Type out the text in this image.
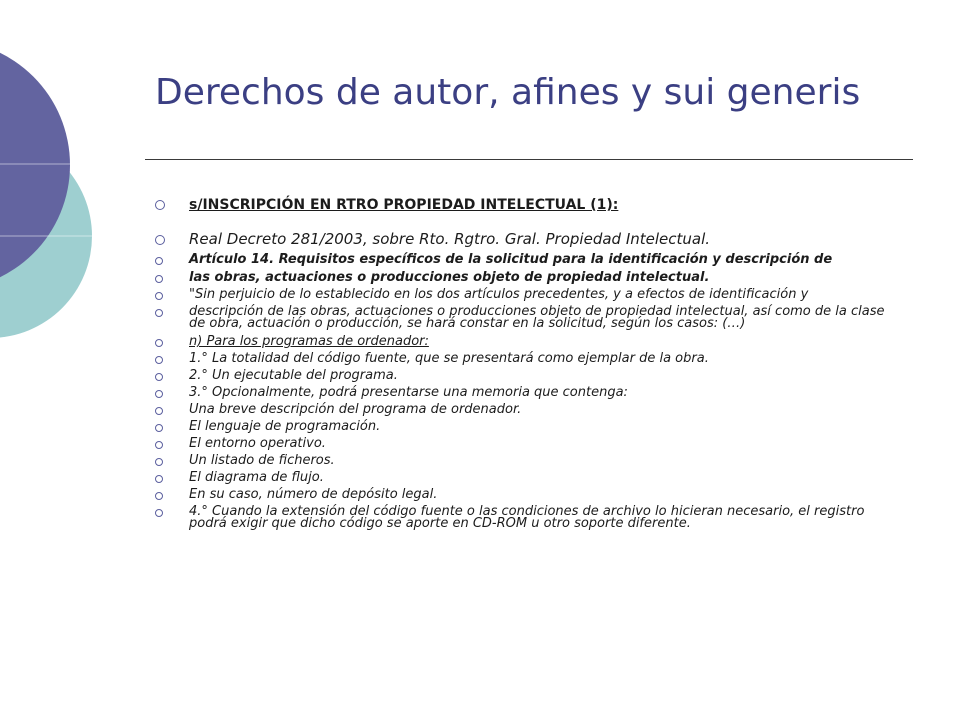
Derechos de autor, afines y sui generis
s/INSCRIPCIÓN EN RTRO PROPIEDAD INTELECTUAL (1):
Real Decreto 281/2003, sobre Rto. Rgtro. Gral. Propiedad Intelectual.
Artículo 14. Requisitos específicos de la solicitud para la identificación y descripción de
las obras, actuaciones o producciones objeto de propiedad intelectual.
"Sin perjuicio de lo establecido en los dos artículos precedentes, y a efectos de identificación y
descripción de las obras, actuaciones o producciones objeto de propiedad intelectual, así como de la clase de obra, actuación o producción, se hará constar en la solicitud, según los casos: (…)
n) Para los programas de ordenador:
1.° La totalidad del código fuente, que se presentará como ejemplar de la obra.
2.° Un ejecutable del programa.
3.° Opcionalmente, podrá presentarse una memoria que contenga:
Una breve descripción del programa de ordenador.
El lenguaje de programación.
El entorno operativo.
Un listado de ficheros.
El diagrama de flujo.
En su caso, número de depósito legal.
4.° Cuando la extensión del código fuente o las condiciones de archivo lo hicieran necesario, el registro podrá exigir que dicho código se aporte en CD-ROM u otro soporte diferente.
